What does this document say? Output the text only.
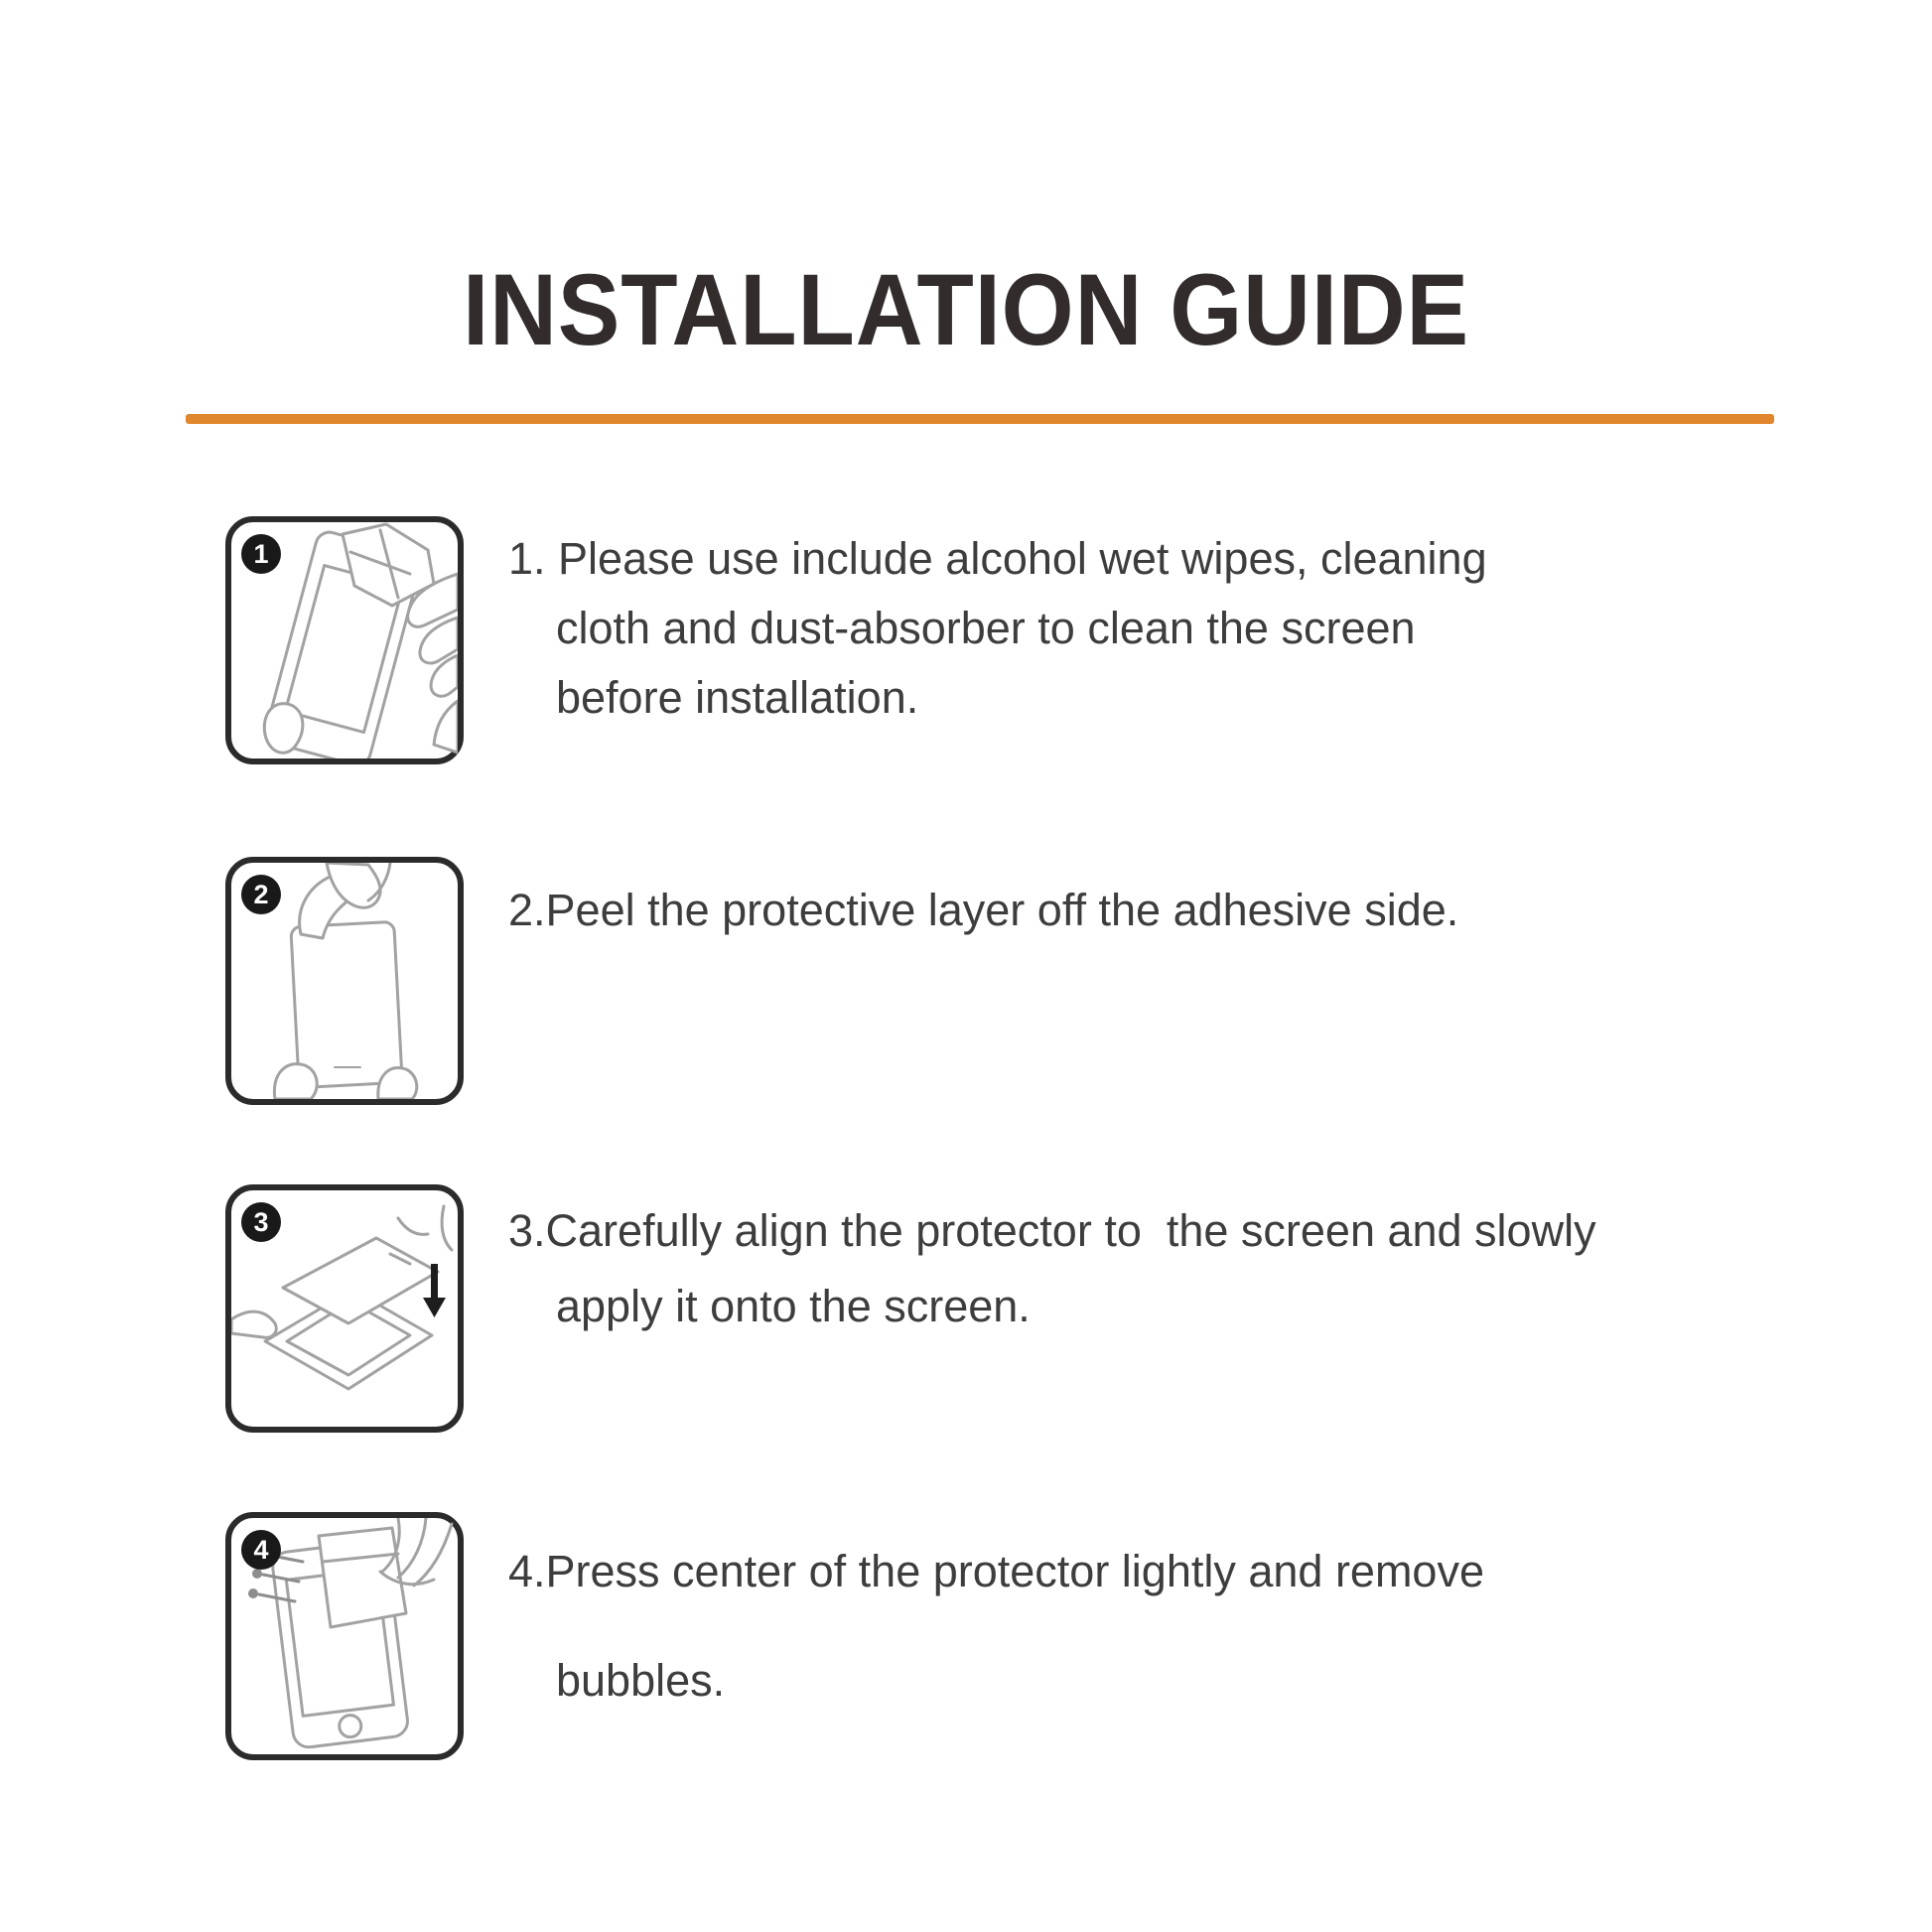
INSTALLATION GUIDE
1	1. Please use include alcohol wet wipes, cleaning
cloth and dust-absorber to clean the screen
before installation.
2	2.Peel the protective layer off the adhesive side.
3	3.Carefully align the protector to  the screen and slowly
apply it onto the screen.
4	4.Press center of the protector lightly and remove
bubbles.
